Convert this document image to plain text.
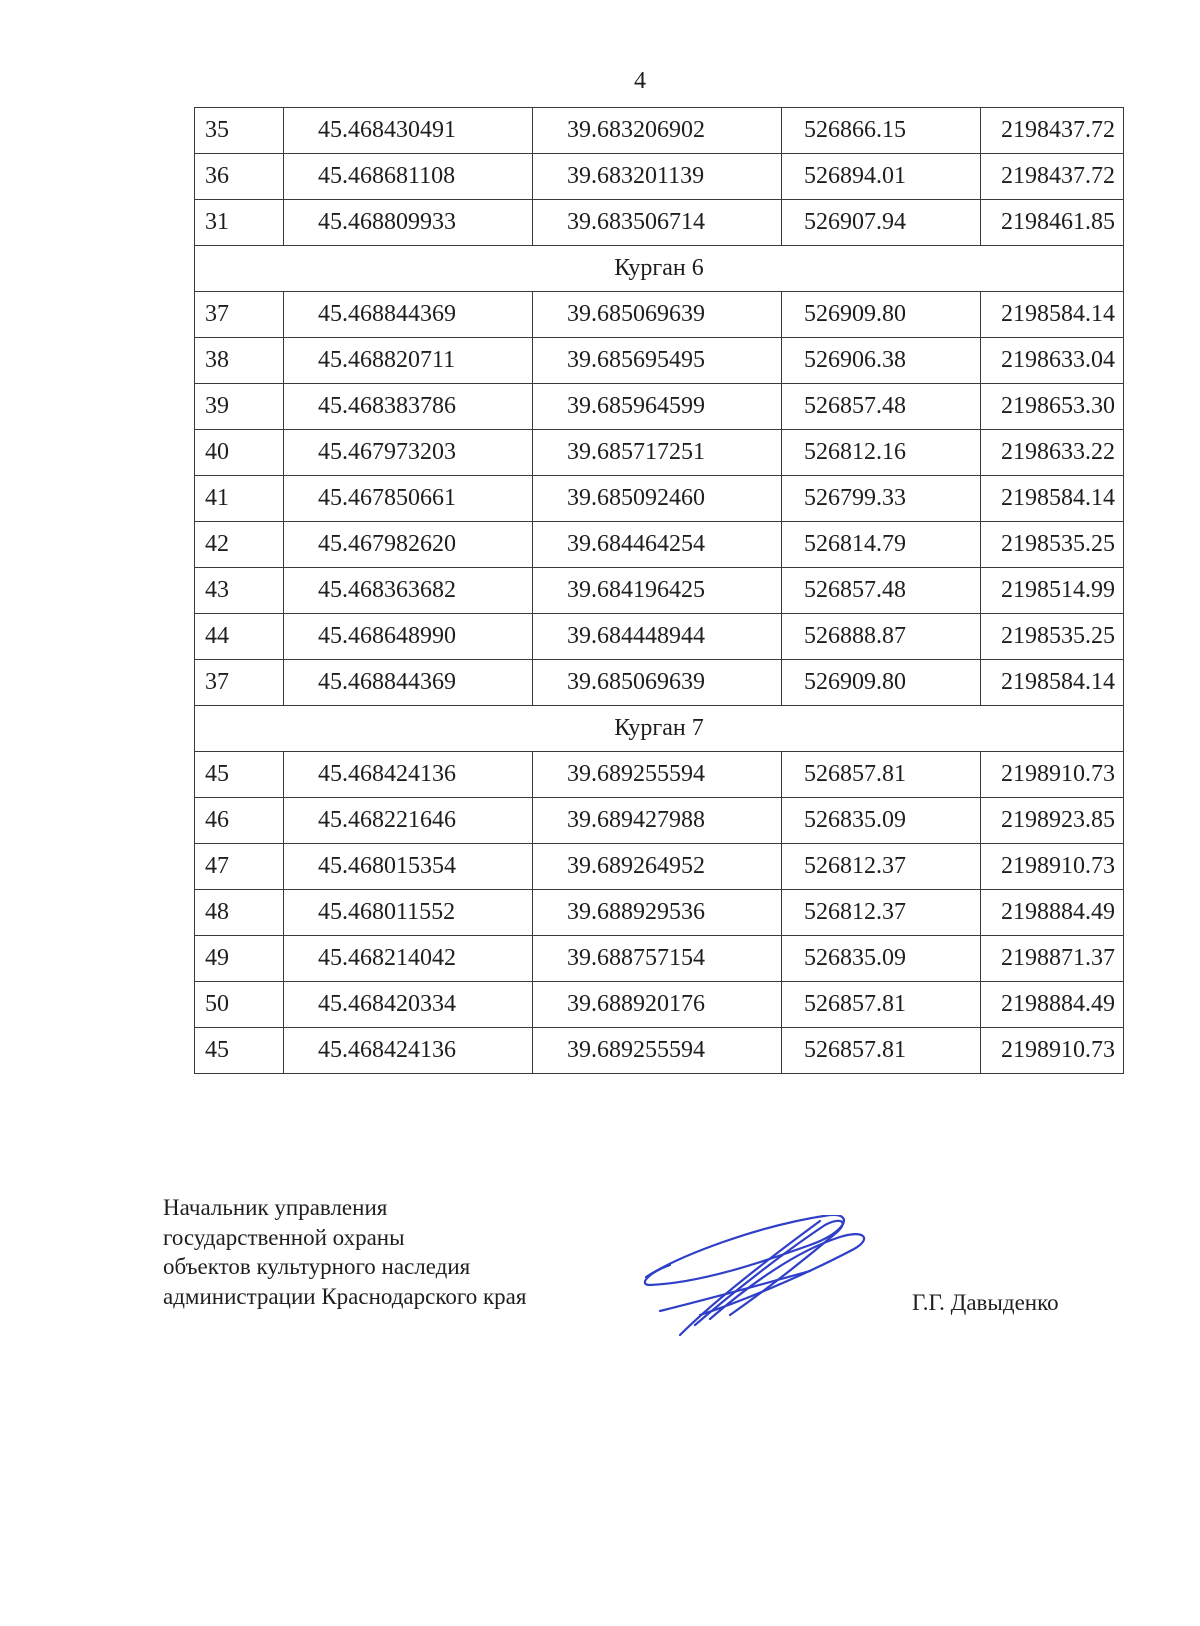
4
35	45.468430491	39.683206902	526866.15	2198437.72
36	45.468681108	39.683201139	526894.01	2198437.72
31	45.468809933	39.683506714	526907.94	2198461.85
Курган 6				
37	45.468844369	39.685069639	526909.80	2198584.14
38	45.468820711	39.685695495	526906.38	2198633.04
39	45.468383786	39.685964599	526857.48	2198653.30
40	45.467973203	39.685717251	526812.16	2198633.22
41	45.467850661	39.685092460	526799.33	2198584.14
42	45.467982620	39.684464254	526814.79	2198535.25
43	45.468363682	39.684196425	526857.48	2198514.99
44	45.468648990	39.684448944	526888.87	2198535.25
37	45.468844369	39.685069639	526909.80	2198584.14
Курган 7				
45	45.468424136	39.689255594	526857.81	2198910.73
46	45.468221646	39.689427988	526835.09	2198923.85
47	45.468015354	39.689264952	526812.37	2198910.73
48	45.468011552	39.688929536	526812.37	2198884.49
49	45.468214042	39.688757154	526835.09	2198871.37
50	45.468420334	39.688920176	526857.81	2198884.49
45	45.468424136	39.689255594	526857.81	2198910.73
Начальник управления
государственной охраны
объектов культурного наследия
администрации Краснодарского края	Г.Г. Давыденко
